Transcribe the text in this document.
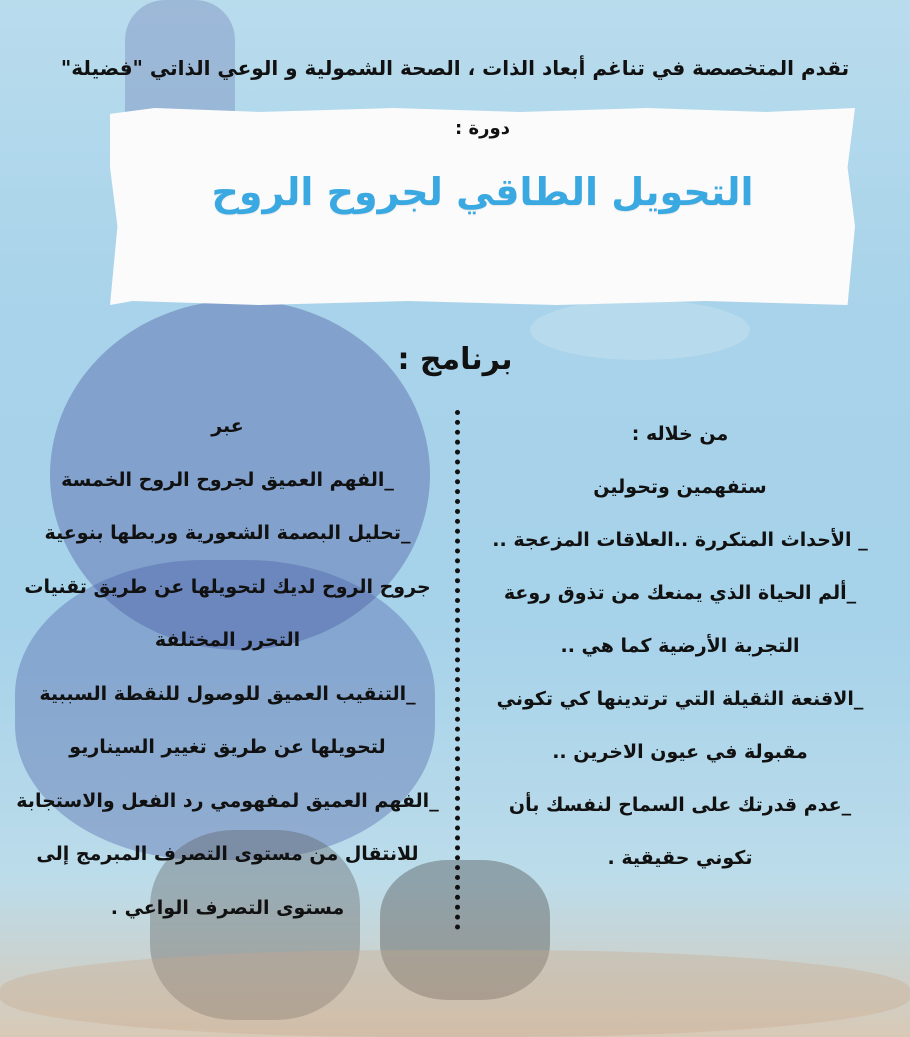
تقدم المتخصصة في تناغم أبعاد الذات ، الصحة الشمولية و الوعي الذاتي "فضيلة"
دورة :
التحويل الطاقي لجروح الروح
برنامج :
من خلاله :
ستفهمين وتحولين
_ الأحداث المتكررة ..العلاقات المزعجة ..
_ألم الحياة الذي يمنعك من تذوق روعة
التجربة الأرضية كما هي ..
_الاقنعة الثقيلة التي ترتدينها كي تكوني
مقبولة في عيون الاخرين ..
_عدم قدرتك على السماح لنفسك بأن
تكوني حقيقية .
عبر
_الفهم العميق لجروح الروح الخمسة
_تحليل البصمة الشعورية وربطها بنوعية
جروح الروح لديك لتحويلها عن طريق تقنيات
التحرر المختلفة
_التنقيب العميق للوصول للنقطة السببية
لتحويلها عن طريق تغيير السيناريو
_الفهم العميق لمفهومي رد الفعل والاستجابة
للانتقال من مستوى التصرف المبرمج إلى
مستوى التصرف الواعي .
